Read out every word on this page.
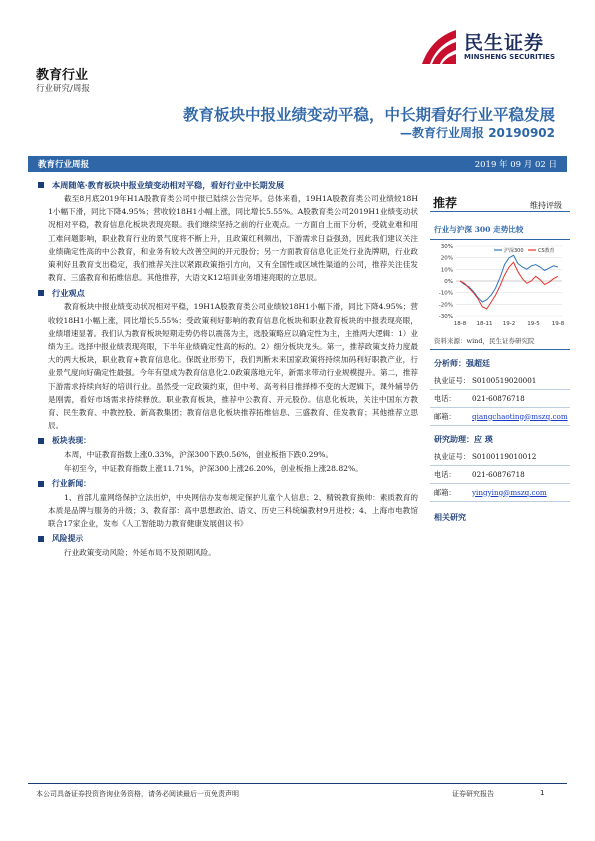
民生证券
MINSHENG SECURITIES
教育行业
行业研究/周报
教育板块中报业绩变动平稳，中长期看好行业平稳发展
—教育行业周报 20190902
教育行业周报	2019 年 09 月 02 日
本周随笔·教育板块中报业绩变动相对平稳，看好行业中长期发展

截至8月底2019年H1A股教育类公司中报已陆续公告完毕。总体来看，19H1A股教育类公司业绩较18H1小幅下滑，同比下降4.95%；营收较18H1小幅上涨，同比增长5.55%。A股教育类公司2019H1业绩变动状况相对平稳，教育信息化板块表现亮眼。我们继续坚持之前的行业观点。一方面自上而下分析，受就业难和用工难问题影响，职业教育行业的景气度将不断上升，且政策红利频出，下游需求日益强劲，因此我们建议关注业绩确定性高的中公教育，和业务有较大改善空间的开元股份；另一方面教育信息化正处行业洗牌期，行业政策利好且教育支出稳定，我们推荐关注以紧跟政策指引方向，又有全国性或区域性渠道的公司，推荐关注佳发教育、三盛教育和拓维信息。其他推荐，大语文K12培训业务增速亮眼的立思辰。

行业观点

教育板块中报业绩变动状况相对平稳，19H1A股教育类公司业绩较18H1小幅下滑，同比下降4.95%；营收较18H1小幅上涨，同比增长5.55%；受政策利好影响的教育信息化板块和职业教育板块的中报表现亮眼，业绩增速显著。我们认为教育板块短期走势仍将以震荡为主，选股策略应以确定性为主，主推两大逻辑：1）业绩为王。选择中报业绩表现亮眼，下半年业绩确定性高的标的。2）细分板块龙头。第一，推荐政策支持力度最大的两大板块，职业教育+教育信息化。保既业形势下，我们判断未来国家政策将持续加码利好职教产业，行业景气度向好确定性最强。今年有望成为教育信息化2.0政策落地元年，新需求带动行业规模提升。第二，推荐下游需求持续向好的培训行业。虽然受一定政策约束，但中考、高考科目推择棒不变的大逻辑下，课外辅导仍是刚需，看好市场需求持续释放。职业教育板块，推荐中公教育、开元股份。信息化板块，关注中国东方教育、民生教育、中教控股、新高教集团；教育信息化板块推荐拓维信息、三盛教育、佳发教育；其他推荐立思辰。

板块表现：

本周，中证教育指数上涨0.33%，沪深300下跌0.56%，创业板指下跌0.29%。

年初至今，中证教育指数上涨11.71%，沪深300上涨26.20%，创业板指上涨28.82%。

行业新闻：

1、首部儿童网络保护立法出炉，中央网信办发布规定保护儿童个人信息；2、精锐教育换帅：素质教育的本质是品牌与服务的升级；3、教育部：高中思想政治、语文、历史三科统编教材9月进校；4、上海市电教馆联合17家企业，发布《人工智能助力教育健康发展倡议书》

风险提示

行业政策变动风险；外延布局不及预期风险。

推荐	维持评级
行业与沪深 300 走势比较
30%
20%
10%
0%
-10%
-20%
-30%
18-8 18-11 19-2 19-5 19-8
沪深300	CS教育
资料来源：wind，民生证券研究院
分析师：强超廷
执业证号： S0100519020001
电话：	021-60876718
邮箱：	qiangchaoting@mszq.com
研究助理：应 瑛
执业证号： S0100119010012
电话：	021-60876718
邮箱：	yingying@mszq.com
相关研究
本公司具备证券投资咨询业务资格，请务必阅读最后一页免责声明	证券研究报告	1
